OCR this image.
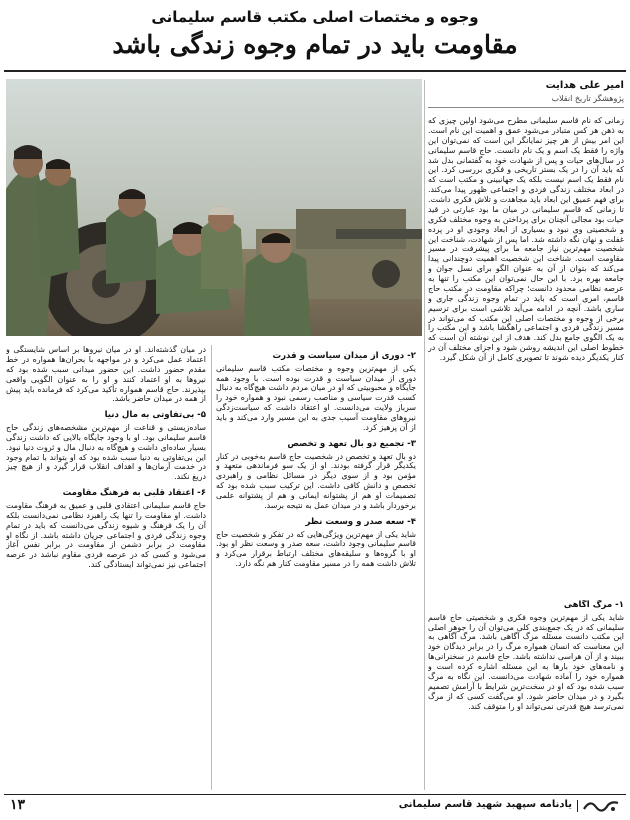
وجوه و مختصات اصلی مکتب قاسم سلیمانی
مقاومت باید در تمام وجوه زندگی باشد
امیر علی هدایت
پژوهشگر تاریخ انقلاب

زمانی که نام قاسم سلیمانی مطرح می‌شود اولین چیزی که به ذهن هر کس متبادر می‌شود عمق و اهمیت این نام است. این امر بیش از هر چیز نمایانگر این است که نمی‌توان این واژه را فقط یک اسم و یک نام دانست. حاج قاسم سلیمانی در سال‌های حیات و پس از شهادت خود به گفتمانی بدل شد که باید آن را در یک بستر تاریخی و فکری بررسی کرد. این نام فقط یک اسم نیست بلکه یک جهانبینی و مکتب است که در ابعاد مختلف زندگی فردی و اجتماعی ظهور پیدا می‌کند. برای فهم عمیق این ابعاد باید مجاهدت و تلاش فکری داشت. تا زمانی که قاسم سلیمانی در میان ما بود عبارتی در قید حیات بود مجالی آنچنان برای پرداختن به وجوه مختلف فکری و شخصیتی وی نبود و بسیاری از ابعاد وجودی او در پرده غفلت و نهان نگه داشته شد. اما پس از شهادت، شناخت این شخصیت مهم‌ترین نیاز جامعه ما برای پیشرفت در مسیر مقاومت است. شناخت این شخصیت اهمیت دوچندانی پیدا می‌کند که بتوان از آن به عنوان الگو برای نسل جوان و جامعه بهره برد. با این حال نمی‌توان این مکتب را تنها به عرصه نظامی محدود دانست؛ چراکه مقاومت در مکتب حاج قاسم، امری است که باید در تمام وجوه زندگی جاری و ساری باشد. آنچه در ادامه می‌آید تلاشی است برای ترسیم برخی از وجوه و مختصات اصلی این مکتب که می‌تواند در مسیر زندگی فردی و اجتماعی راهگشا باشد و این مکتب را به یک الگوی جامع بدل کند. هدف از این نوشته آن است که خطوط اصلی این اندیشه روشن شود و اجزای مختلف آن در کنار یکدیگر دیده شوند تا تصویری کامل از آن شکل گیرد.

۱- مرگ آگاهی

شاید یکی از مهم‌ترین وجوه فکری و شخصیتی حاج قاسم سلیمانی که در یک جمع‌بندی کلی می‌توان آن را جوهر اصلی این مکتب دانست مسئله مرگ آگاهی باشد. مرگ آگاهی به این معناست که انسان همواره مرگ را در برابر دیدگان خود ببیند و از آن هراسی نداشته باشد. حاج قاسم در سخنرانی‌ها و نامه‌های خود بارها به این مسئله اشاره کرده است و همواره خود را آماده شهادت می‌دانست. این نگاه به مرگ سبب شده بود که او در سخت‌ترین شرایط با آرامش تصمیم بگیرد و در میدان حاضر شود. او می‌گفت کسی که از مرگ نمی‌ترسد هیچ قدرتی نمی‌تواند او را متوقف کند.

۲- دوری از میدان سیاست و قدرت

یکی از مهم‌ترین وجوه و مختصات مکتب قاسم سلیمانی دوری از میدان سیاست و قدرت بوده است. با وجود همه جایگاه و محبوبیتی که او در میان مردم داشت هیچ‌گاه به دنبال کسب قدرت سیاسی و مناصب رسمی نبود و همواره خود را سرباز ولایت می‌دانست. او اعتقاد داشت که سیاست‌زدگی نیروهای مقاومت آسیب جدی به این مسیر وارد می‌کند و باید از آن پرهیز کرد.

۳- تجمیع دو بال تعهد و تخصص

دو بال تعهد و تخصص در شخصیت حاج قاسم به‌خوبی در کنار یکدیگر قرار گرفته بودند. او از یک سو فرماندهی متعهد و مؤمن بود و از سوی دیگر در مسائل نظامی و راهبردی تخصص و دانش کافی داشت. این ترکیب سبب شده بود که تصمیمات او هم از پشتوانه ایمانی و هم از پشتوانه علمی برخوردار باشد و در میدان عمل به نتیجه برسد.

۴- سعه صدر و وسعت نظر

شاید یکی از مهم‌ترین ویژگی‌هایی که در تفکر و شخصیت حاج قاسم سلیمانی وجود داشت، سعه صدر و وسعت نظر او بود. او با گروه‌ها و سلیقه‌های مختلف ارتباط برقرار می‌کرد و تلاش داشت همه را در مسیر مقاومت کنار هم نگه دارد.

در میان گذشته‌اند. او در میان نیروها بر اساس شایستگی و اعتماد عمل می‌کرد و در مواجهه با بحران‌ها همواره در خط مقدم حضور داشت. این حضور میدانی سبب شده بود که نیروها به او اعتماد کنند و او را به عنوان الگویی واقعی بپذیرند. حاج قاسم همواره تأکید می‌کرد که فرمانده باید پیش از همه در میدان حاضر باشد.

۵- بی‌تفاوتی به مال دنیا

ساده‌زیستی و قناعت از مهم‌ترین مشخصه‌های زندگی حاج قاسم سلیمانی بود. او با وجود جایگاه بالایی که داشت زندگی بسیار ساده‌ای داشت و هیچ‌گاه به دنبال مال و ثروت دنیا نبود. این بی‌تفاوتی به دنیا سبب شده بود که او بتواند با تمام وجود در خدمت آرمان‌ها و اهداف انقلاب قرار گیرد و از هیچ چیز دریغ نکند.

۶- اعتقاد قلبی به فرهنگ مقاومت

حاج قاسم سلیمانی اعتقادی قلبی و عمیق به فرهنگ مقاومت داشت. او مقاومت را تنها یک راهبرد نظامی نمی‌دانست بلکه آن را یک فرهنگ و شیوه زندگی می‌دانست که باید در تمام وجوه زندگی فردی و اجتماعی جریان داشته باشد. از نگاه او مقاومت در برابر دشمن از مقاومت در برابر نفس آغاز می‌شود و کسی که در عرصه فردی مقاوم نباشد در عرصه اجتماعی نیز نمی‌تواند ایستادگی کند.

۱۳	یادنامه سپهبد شهید قاسم سلیمانی
